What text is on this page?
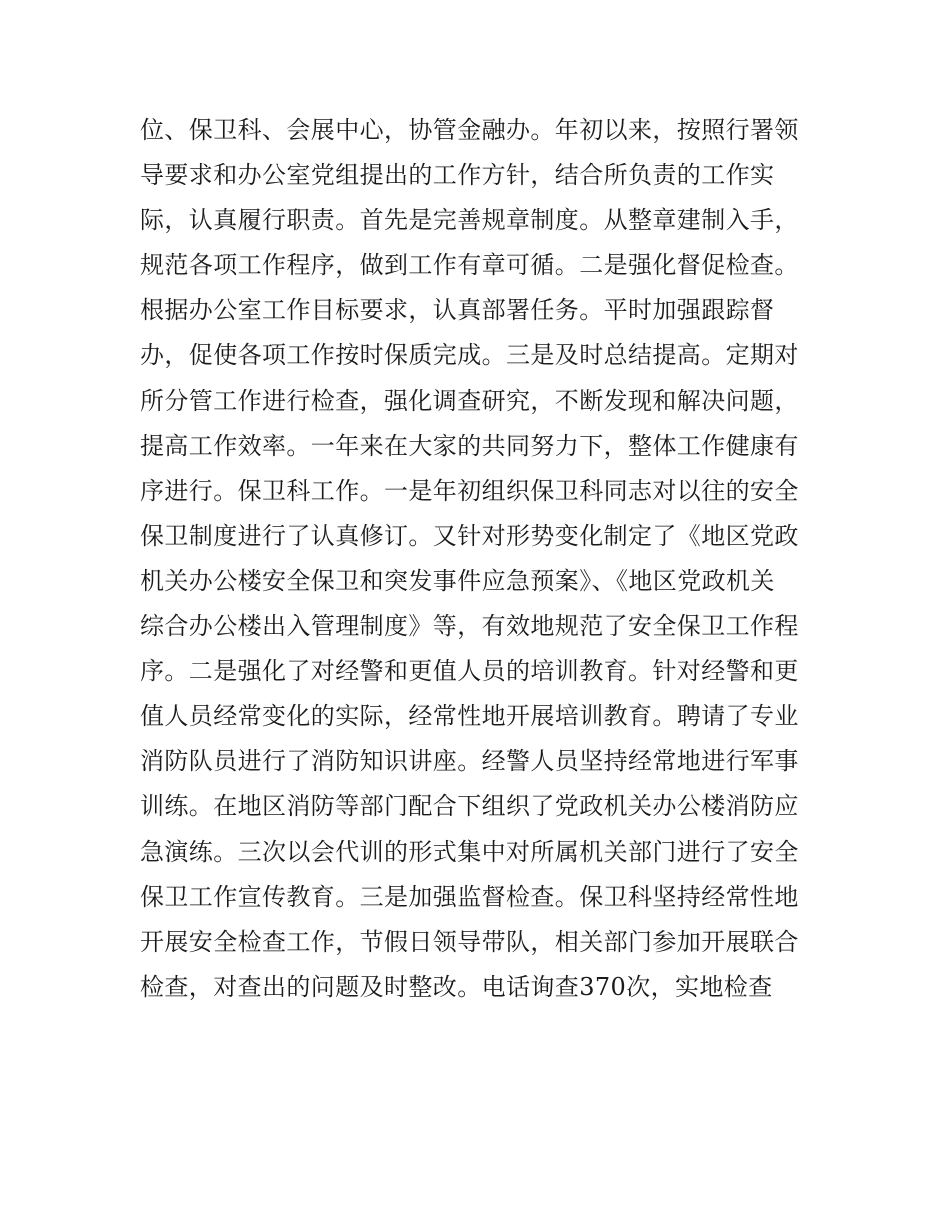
位、保卫科、会展中心，协管金融办。年初以来，按照行署领
导要求和办公室党组提出的工作方针，结合所负责的工作实
际，认真履行职责。首先是完善规章制度。从整章建制入手，
规范各项工作程序，做到工作有章可循。二是强化督促检查。
根据办公室工作目标要求，认真部署任务。平时加强跟踪督
办，促使各项工作按时保质完成。三是及时总结提高。定期对
所分管工作进行检查，强化调查研究，不断发现和解决问题，
提高工作效率。一年来在大家的共同努力下，整体工作健康有
序进行。保卫科工作。一是年初组织保卫科同志对以往的安全
保卫制度进行了认真修订。又针对形势变化制定了《地区党政
机关办公楼安全保卫和突发事件应急预案》、《地区党政机关
综合办公楼出入管理制度》等，有效地规范了安全保卫工作程
序。二是强化了对经警和更值人员的培训教育。针对经警和更
值人员经常变化的实际，经常性地开展培训教育。聘请了专业
消防队员进行了消防知识讲座。经警人员坚持经常地进行军事
训练。在地区消防等部门配合下组织了党政机关办公楼消防应
急演练。三次以会代训的形式集中对所属机关部门进行了安全
保卫工作宣传教育。三是加强监督检查。保卫科坚持经常性地
开展安全检查工作，节假日领导带队，相关部门参加开展联合
检查，对查出的问题及时整改。电话询查370次，实地检查
